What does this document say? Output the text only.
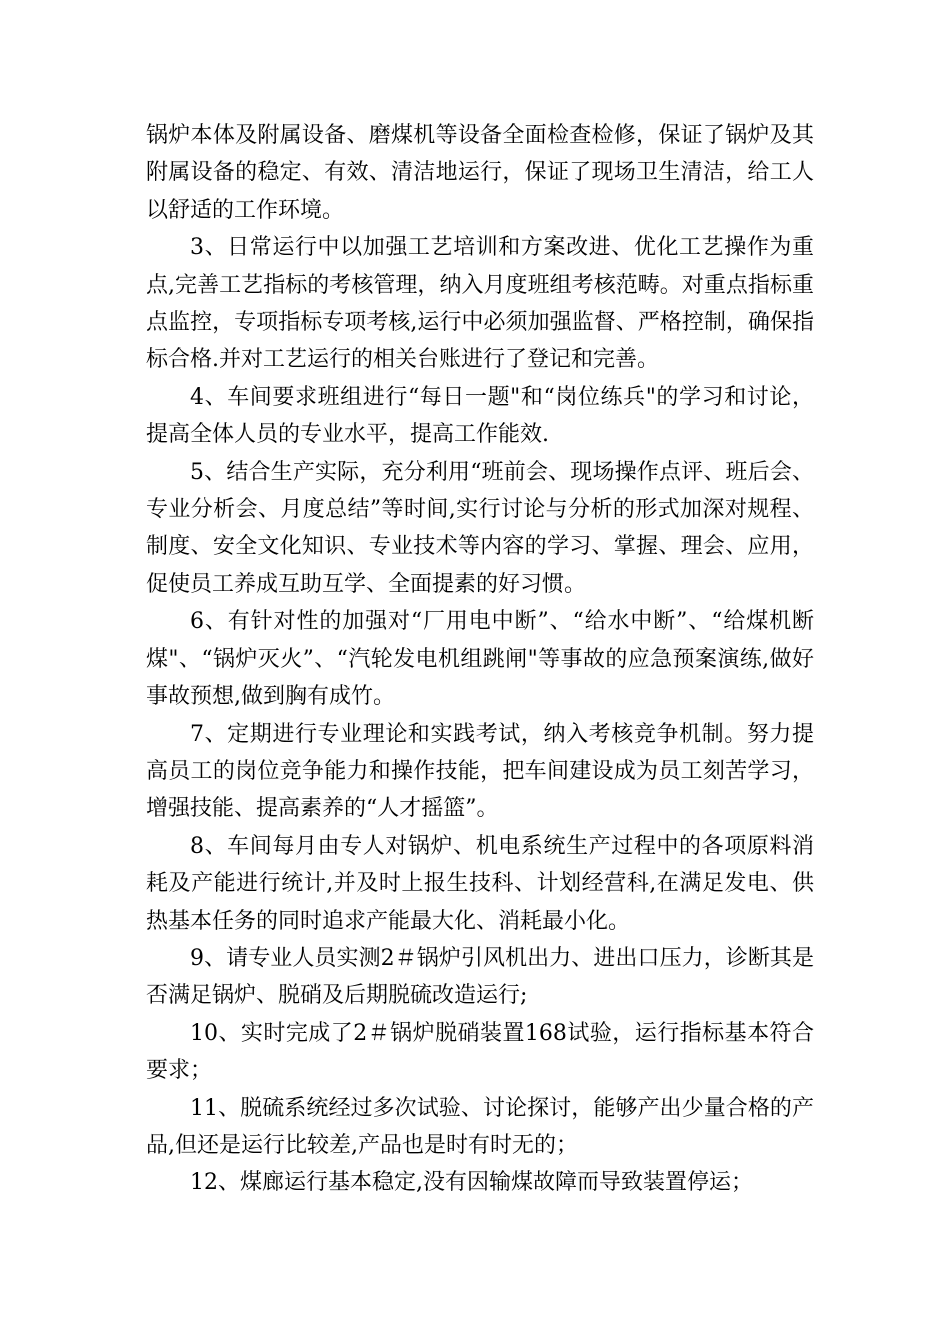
锅炉本体及附属设备、磨煤机等设备全面检查检修，保证了锅炉及其附属设备的稳定、有效、清洁地运行，保证了现场卫生清洁，给工人以舒适的工作环境。

3、日常运行中以加强工艺培训和方案改进、优化工艺操作为重点,完善工艺指标的考核管理，纳入月度班组考核范畴。对重点指标重点监控，专项指标专项考核,运行中必须加强监督、严格控制，确保指标合格.并对工艺运行的相关台账进行了登记和完善。

4、车间要求班组进行“每日一题"和“岗位练兵"的学习和讨论，提高全体人员的专业水平，提高工作能效.

5、结合生产实际，充分利用“班前会、现场操作点评、班后会、专业分析会、月度总结”等时间,实行讨论与分析的形式加深对规程、制度、安全文化知识、专业技术等内容的学习、掌握、理会、应用，促使员工养成互助互学、全面提素的好习惯。

6、有针对性的加强对“厂用电中断”、“给水中断”、“给煤机断煤"、“锅炉灭火”、“汽轮发电机组跳闸"等事故的应急预案演练,做好事故预想,做到胸有成竹。

7、定期进行专业理论和实践考试，纳入考核竞争机制。努力提高员工的岗位竞争能力和操作技能，把车间建设成为员工刻苦学习，增强技能、提高素养的“人才摇篮”。

8、车间每月由专人对锅炉、机电系统生产过程中的各项原料消耗及产能进行统计,并及时上报生技科、计划经营科,在满足发电、供热基本任务的同时追求产能最大化、消耗最小化。

9、请专业人员实测2＃锅炉引风机出力、进出口压力，诊断其是否满足锅炉、脱硝及后期脱硫改造运行;

10、实时完成了2＃锅炉脱硝装置168试验，运行指标基本符合要求；

11、脱硫系统经过多次试验、讨论探讨，能够产出少量合格的产品,但还是运行比较差,产品也是时有时无的；

12、煤廊运行基本稳定,没有因输煤故障而导致装置停运；
